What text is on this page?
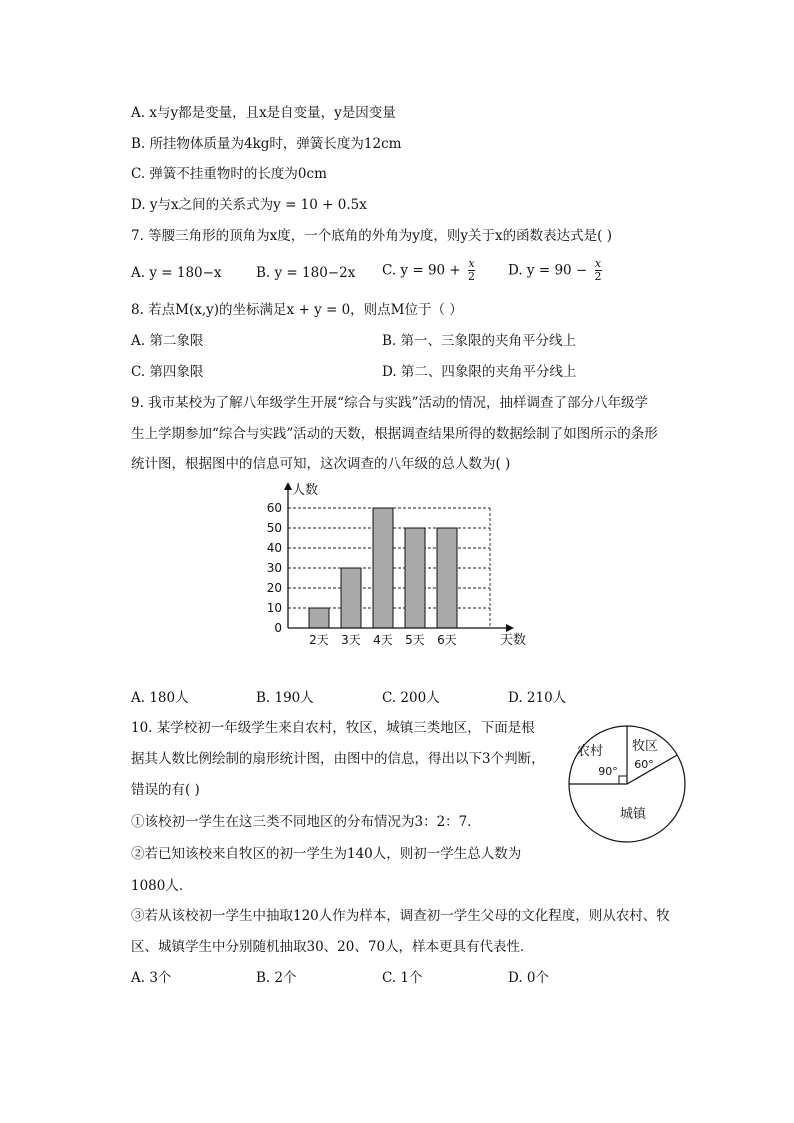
A. x与y都是变量，且x是自变量，y是因变量
B. 所挂物体质量为4kg时，弹簧长度为12cm
C. 弹簧不挂重物时的长度为0cm
D. y与x之间的关系式为y = 10 + 0.5x
7. 等腰三角形的顶角为x度，一个底角的外角为y度，则y关于x的函数表达式是( )
A. y = 180−x	B. y = 180−2x C. $y = 90 + \frac{x}{2} D$. $y = 90 - \frac{x}{2}$
8. 若点M(x,y)的坐标满足x + y = 0，则点M位于（ ）
A. 第二象限	B. 第一、三象限的夹角平分线上
C. 第四象限	D. 第二、四象限的夹角平分线上
9. 我市某校为了解八年级学生开展“综合与实践”活动的情况，抽样调查了部分八年级学
生上学期参加“综合与实践”活动的天数，根据调查结果所得的数据绘制了如图所示的条形
统计图，根据图中的信息可知，这次调查的八年级的总人数为( )
0
10
20
30
40
50
60
2天 3天 4天 5天 6天
人数
天数
A. 180人	B. 190人	C. 200人	D. 210人
10. 某学校初一年级学生来自农村，牧区，城镇三类地区，下面是根
据其人数比例绘制的扇形统计图，由图中的信息，得出以下3个判断，
错误的有( )
①该校初一学生在这三类不同地区的分布情况为3：2：7．
②若已知该校来自牧区的初一学生为140人，则初一学生总人数为
1080人．
③若从该校初一学生中抽取120人作为样本，调查初一学生父母的文化程度，则从农村、牧
区、城镇学生中分别随机抽取30、20、70人，样本更具有代表性．
A. 3个	B. 2个	C. 1个	D. 0个
农村
90°
牧区
60°
城镇
